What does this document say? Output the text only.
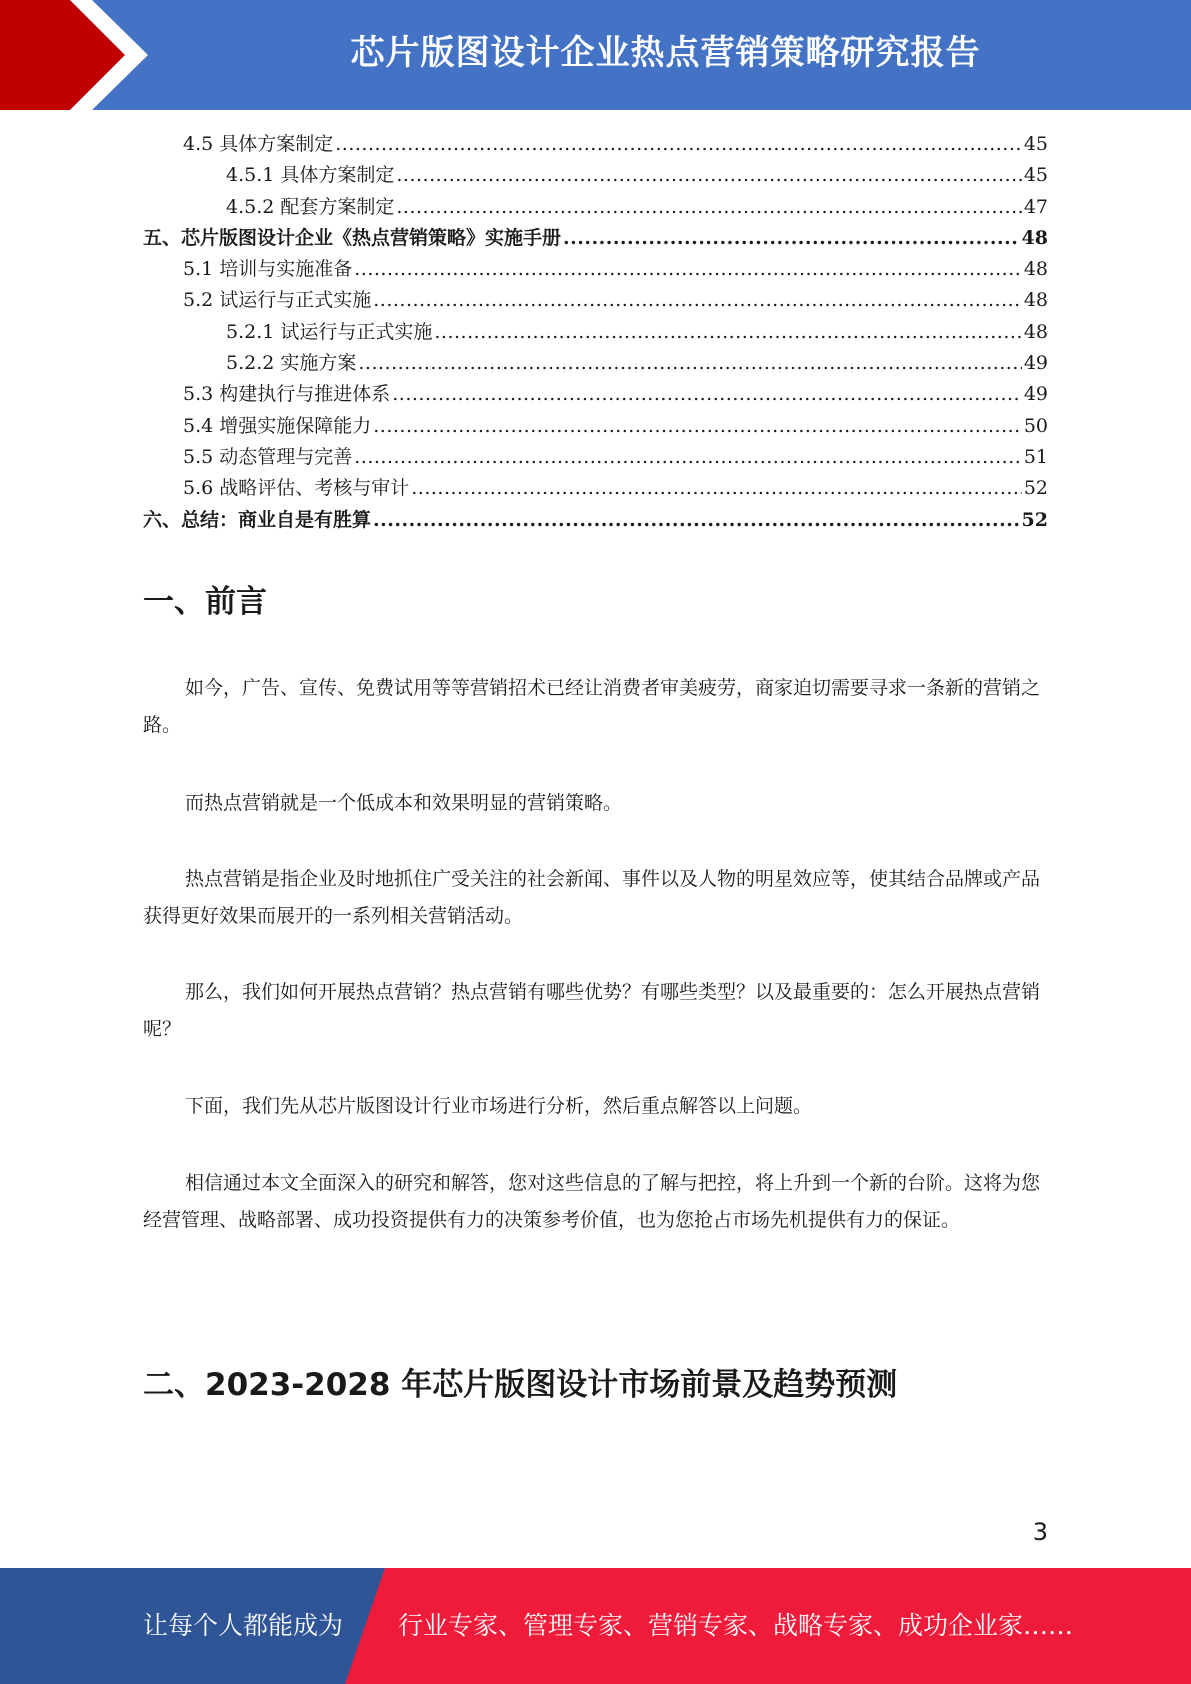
芯片版图设计企业热点营销策略研究报告
4.5 具体方案制定 .....	45
4.5.1 具体方案制定 .....	45
4.5.2 配套方案制定 .....	47
五、芯片版图设计企业《热点营销策略》实施手册 .....	48
5.1 培训与实施准备 .....	48
5.2 试运行与正式实施 .....	48
5.2.1 试运行与正式实施 .....	48
5.2.2 实施方案 .....	49
5.3 构建执行与推进体系 .....	49
5.4 增强实施保障能力 .....	50
5.5 动态管理与完善 .....	51
5.6 战略评估、考核与审计 .....	52
六、总结：商业自是有胜算 .....	52
一、前言

如今，广告、宣传、免费试用等等营销招术已经让消费者审美疲劳，商家迫切需要寻求一条新的营销之路。

而热点营销就是一个低成本和效果明显的营销策略。

热点营销是指企业及时地抓住广受关注的社会新闻、事件以及人物的明星效应等，使其结合品牌或产品获得更好效果而展开的一系列相关营销活动。

那么，我们如何开展热点营销？热点营销有哪些优势？有哪些类型？以及最重要的：怎么开展热点营销呢？

下面，我们先从芯片版图设计行业市场进行分析，然后重点解答以上问题。

相信通过本文全面深入的研究和解答，您对这些信息的了解与把控，将上升到一个新的台阶。这将为您经营管理、战略部署、成功投资提供有力的决策参考价值，也为您抢占市场先机提供有力的保证。

二、2023-2028 年芯片版图设计市场前景及趋势预测
3
让每个人都能成为 行业专家、管理专家、营销专家、战略专家、成功企业家……
